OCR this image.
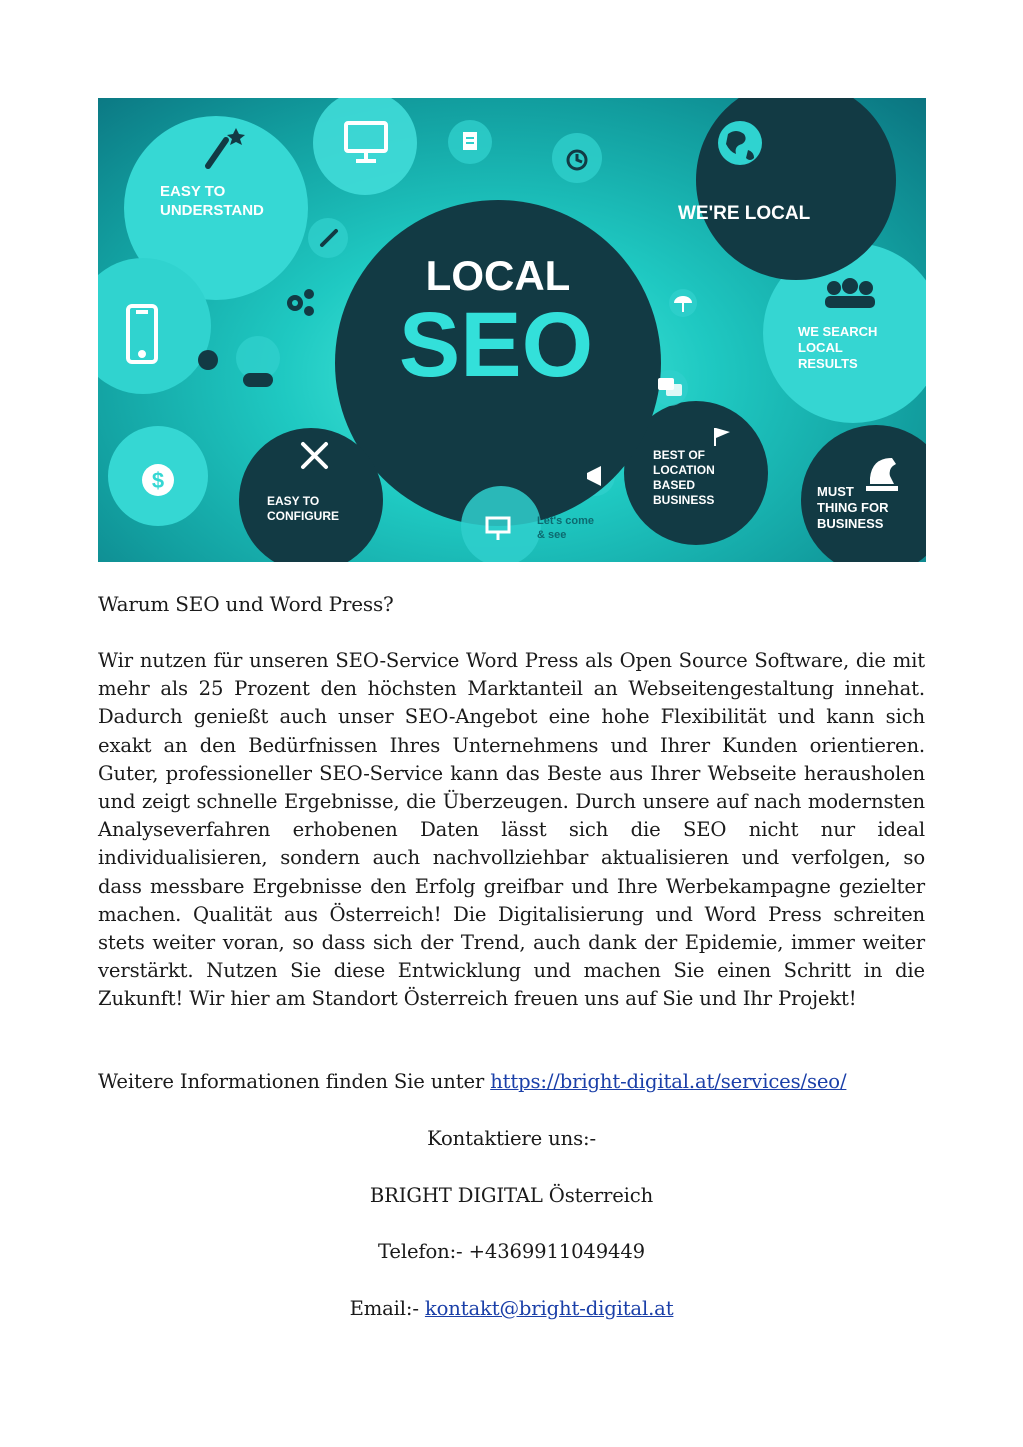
$
EASY TO
UNDERSTAND
LOCAL
SEO
WE'RE LOCAL
WE SEARCH
LOCAL
RESULTS
BEST OF
LOCATION
BASED
BUSINESS
EASY TO
CONFIGURE
MUST
THING FOR
BUSINESS
Let's come
& see
Warum SEO und Word Press?

Wir nutzen für unseren SEO-Service Word Press als Open Source Software, die mit mehr als 25 Prozent den höchsten Marktanteil an Webseitengestaltung innehat. Dadurch genießt auch unser SEO-Angebot eine hohe Flexibilität und kann sich exakt an den Bedürfnissen Ihres Unternehmens und Ihrer Kunden orientieren. Guter, professioneller SEO-Service kann das Beste aus Ihrer Webseite herausholen und zeigt schnelle Ergebnisse, die Überzeugen. Durch unsere auf nach modernsten Analyseverfahren erhobenen Daten lässt sich die SEO nicht nur ideal individualisieren, sondern auch nachvollziehbar aktualisieren und verfolgen, so dass messbare Ergebnisse den Erfolg greifbar und Ihre Werbekampagne gezielter machen. Qualität aus Österreich! Die Digitalisierung und Word Press schreiten stets weiter voran, so dass sich der Trend, auch dank der Epidemie, immer weiter verstärkt. Nutzen Sie diese Entwicklung und machen Sie einen Schritt in die Zukunft! Wir hier am Standort Österreich freuen uns auf Sie und Ihr Projekt!

Weitere Informationen finden Sie unter https://bright-digital.at/services/seo/

Kontaktiere uns:-

BRIGHT DIGITAL Österreich

Telefon:- +4369911049449

Email:- kontakt@bright-digital.at
